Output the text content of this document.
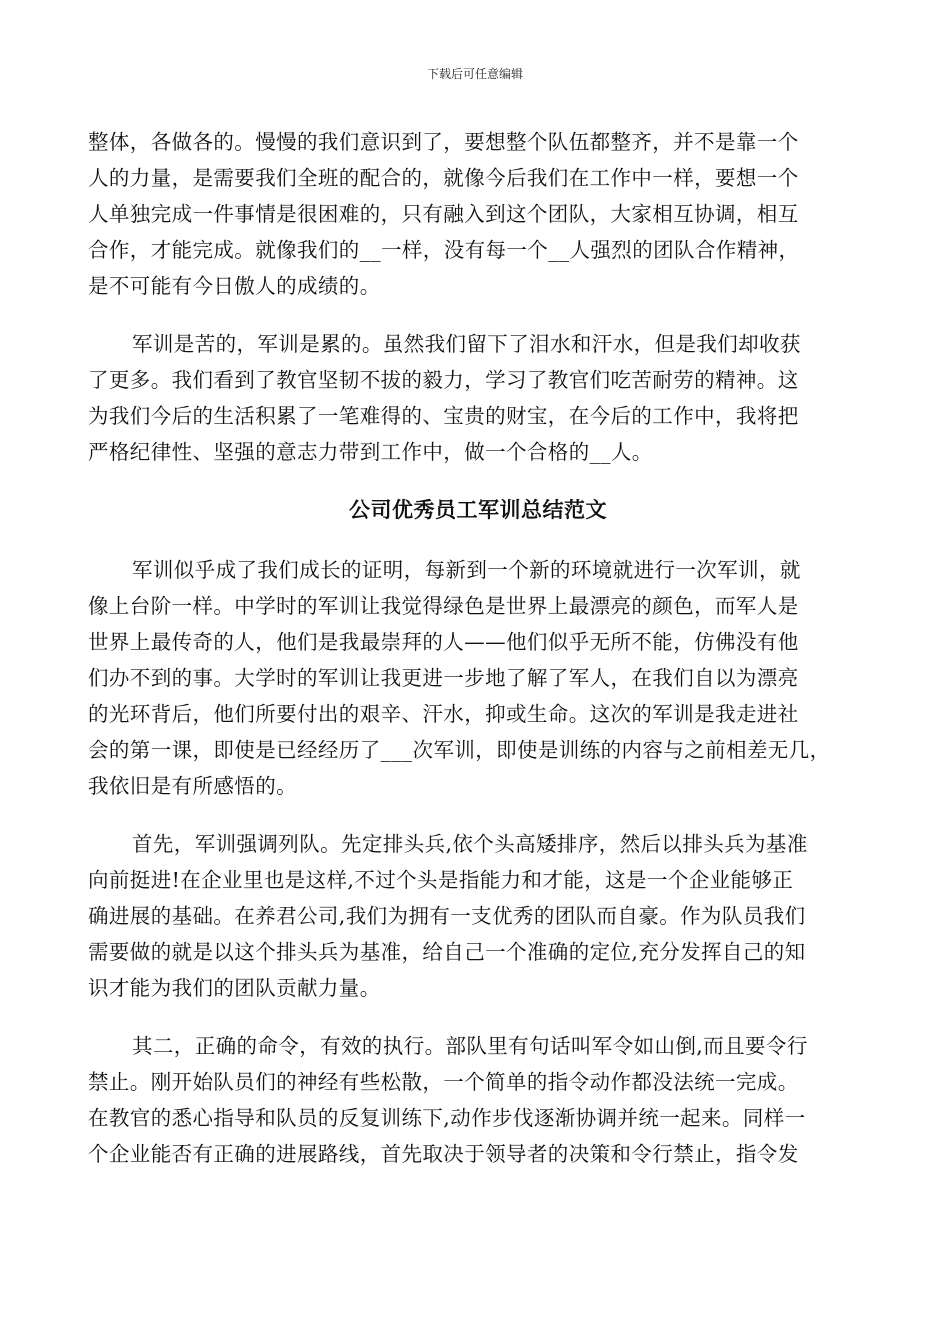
下载后可任意编辑

整体，各做各的。慢慢的我们意识到了，要想整个队伍都整齐，并不是靠一个
人的力量，是需要我们全班的配合的，就像今后我们在工作中一样，要想一个
人单独完成一件事情是很困难的，只有融入到这个团队，大家相互协调，相互
合作，才能完成。就像我们的__一样，没有每一个__人强烈的团队合作精神，
是不可能有今日傲人的成绩的。

军训是苦的，军训是累的。虽然我们留下了泪水和汗水，但是我们却收获
了更多。我们看到了教官坚韧不拔的毅力，学习了教官们吃苦耐劳的精神。这
为我们今后的生活积累了一笔难得的、宝贵的财宝，在今后的工作中，我将把
严格纪律性、坚强的意志力带到工作中，做一个合格的__人。

公司优秀员工军训总结范文

军训似乎成了我们成长的证明，每新到一个新的环境就进行一次军训，就
像上台阶一样。中学时的军训让我觉得绿色是世界上最漂亮的颜色，而军人是
世界上最传奇的人，他们是我最崇拜的人——他们似乎无所不能，仿佛没有他
们办不到的事。大学时的军训让我更进一步地了解了军人，在我们自以为漂亮
的光环背后，他们所要付出的艰辛、汗水，抑或生命。这次的军训是我走进社
会的第一课，即使是已经经历了___次军训，即使是训练的内容与之前相差无几，
我依旧是有所感悟的。

首先，军训强调列队。先定排头兵,依个头高矮排序，然后以排头兵为基准
向前挺进!在企业里也是这样,不过个头是指能力和才能，这是一个企业能够正
确进展的基础。在养君公司,我们为拥有一支优秀的团队而自豪。作为队员我们
需要做的就是以这个排头兵为基准，给自己一个准确的定位,充分发挥自己的知
识才能为我们的团队贡献力量。

其二，正确的命令，有效的执行。部队里有句话叫军令如山倒,而且要令行
禁止。刚开始队员们的神经有些松散，一个简单的指令动作都没法统一完成。
在教官的悉心指导和队员的反复训练下,动作步伐逐渐协调并统一起来。同样一
个企业能否有正确的进展路线，首先取决于领导者的决策和令行禁止，指令发
